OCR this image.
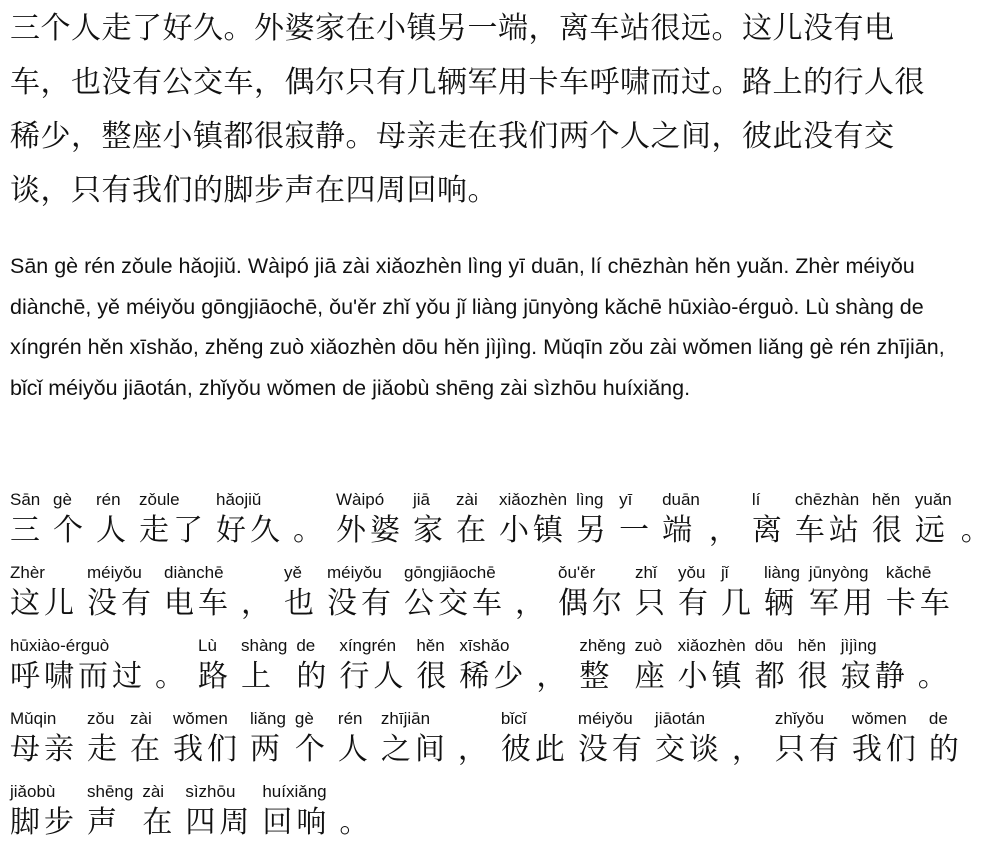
三个人走了好久。外婆家在小镇另一端，离车站很远。这儿没有电车，也没有公交车，偶尔只有几辆军用卡车呼啸而过。路上的行人很稀少，整座小镇都很寂静。母亲走在我们两个人之间，彼此没有交谈，只有我们的脚步声在四周回响。

Sān gè rén zǒule hǎojiǔ. Wàipó jiā zài xiǎozhèn lìng yī duān, lí chēzhàn hěn yuǎn. Zhèr méiyǒu diànchē, yě méiyǒu gōngjiāochē, ǒu'ěr zhǐ yǒu jǐ liàng jūnyòng kǎchē hūxiào-érguò. Lù shàng de xíngrén hěn xīshǎo, zhěng zuò xiǎozhèn dōu hěn jìjìng. Mǔqīn zǒu zài wǒmen liǎng gè rén zhījiān, bǐcǐ méiyǒu jiāotán, zhǐyǒu wǒmen de jiǎobù shēng zài sìzhōu huíxiǎng.

Sān
三
gè
个
rén
人
zǒule
走了
hǎojiǔ
好久 。
Wàipó
外婆
jiā
家
zài
在
xiǎozhèn
小镇
lìng
另
yī
一
duān
端 ，
lí
离
chēzhàn
车站
hěn
很
yuǎn
远 。
Zhèr
这儿
méiyǒu
没有
diànchē
电车 ，
yě
也
méiyǒu
没有
gōngjiāochē
公交车 ，
ǒu'ěr
偶尔
zhǐ
只
yǒu
有
jǐ
几
liàng
辆
jūnyòng
军用
kǎchē
卡车
hūxiào-érguò
呼啸而过 。
Lù
路
shàng
上
de
的
xíngrén
行人
hěn
很
xīshǎo
稀少 ，
zhěng
整
zuò
座
xiǎozhèn
小镇
dōu
都
hěn
很
jìjìng
寂静 。
Mǔqin
母亲
zǒu
走
zài
在
wǒmen
我们
liǎng
两
gè
个
rén
人
zhījiān
之间 ，
bǐcǐ
彼此
méiyǒu
没有
jiāotán
交谈 ，
zhǐyǒu
只有
wǒmen
我们
de
的
jiǎobù
脚步
shēng
声
zài
在
sìzhōu
四周
huíxiǎng
回响 。
